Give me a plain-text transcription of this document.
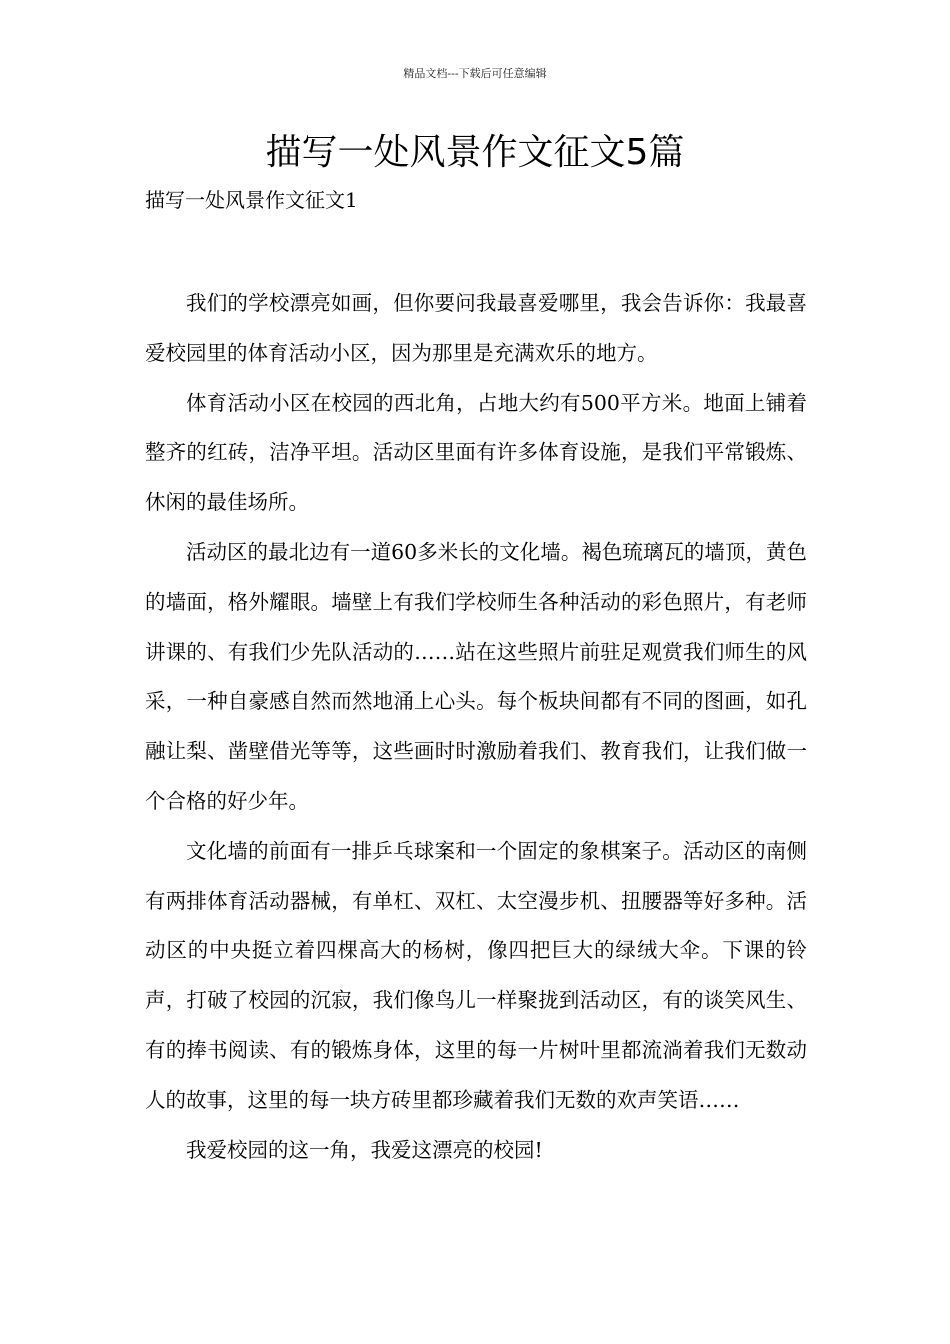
精品文档---下载后可任意编辑
描写一处风景作文征文5篇
描写一处风景作文征文1

我们的学校漂亮如画，但你要问我最喜爱哪里，我会告诉你：我最喜爱校园里的体育活动小区，因为那里是充满欢乐的地方。

体育活动小区在校园的西北角，占地大约有500平方米。地面上铺着整齐的红砖，洁净平坦。活动区里面有许多体育设施，是我们平常锻炼、休闲的最佳场所。

活动区的最北边有一道60多米长的文化墙。褐色琉璃瓦的墙顶，黄色的墙面，格外耀眼。墙壁上有我们学校师生各种活动的彩色照片，有老师讲课的、有我们少先队活动的……站在这些照片前驻足观赏我们师生的风采，一种自豪感自然而然地涌上心头。每个板块间都有不同的图画，如孔融让梨、凿壁借光等等，这些画时时激励着我们、教育我们，让我们做一个合格的好少年。

文化墙的前面有一排乒乓球案和一个固定的象棋案子。活动区的南侧有两排体育活动器械，有单杠、双杠、太空漫步机、扭腰器等好多种。活动区的中央挺立着四棵高大的杨树，像四把巨大的绿绒大伞。下课的铃声，打破了校园的沉寂，我们像鸟儿一样聚拢到活动区，有的谈笑风生、有的捧书阅读、有的锻炼身体，这里的每一片树叶里都流淌着我们无数动人的故事，这里的每一块方砖里都珍藏着我们无数的欢声笑语……

我爱校园的这一角，我爱这漂亮的校园!
